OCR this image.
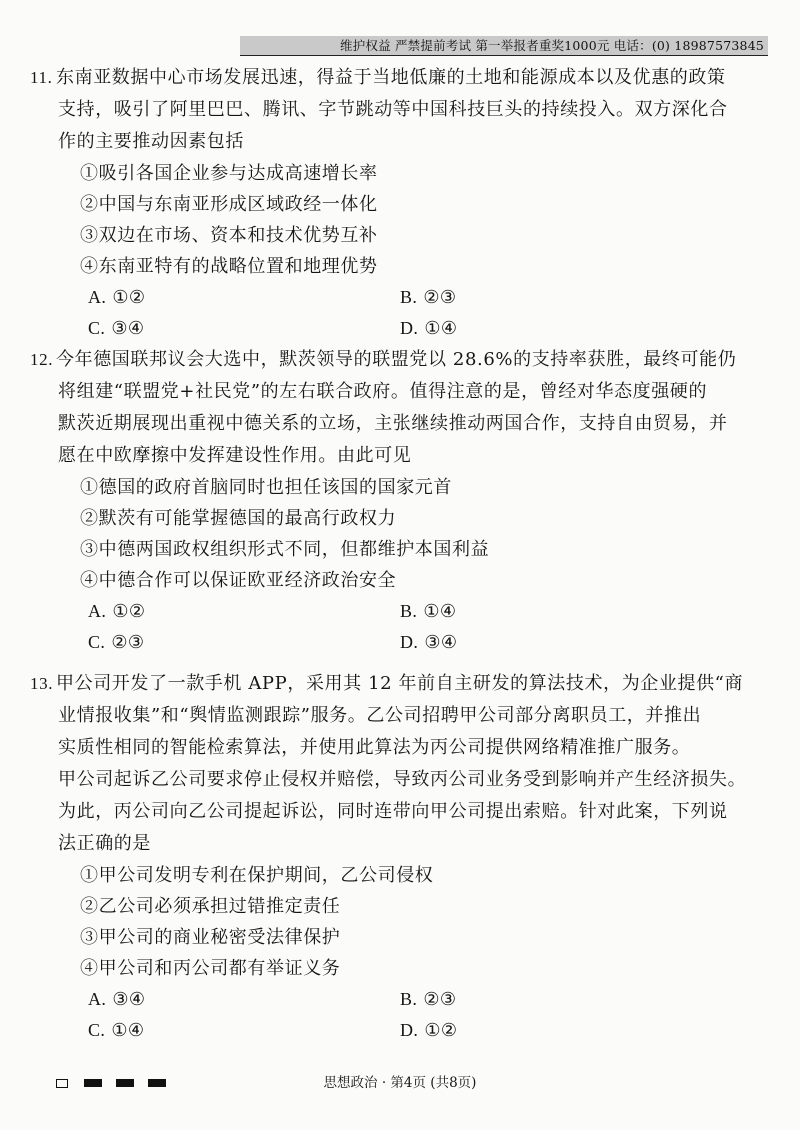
维护权益 严禁提前考试 第一举报者重奖1000元 电话：(0) 18987573845
11. 东南亚数据中心市场发展迅速，得益于当地低廉的土地和能源成本以及优惠的政策
支持，吸引了阿里巴巴、腾讯、字节跳动等中国科技巨头的持续投入。双方深化合
作的主要推动因素包括
①吸引各国企业参与达成高速增长率
②中国与东南亚形成区域政经一体化
③双边在市场、资本和技术优势互补
④东南亚特有的战略位置和地理优势
A. ①②	B. ②③
C. ③④	D. ①④
12. 今年德国联邦议会大选中，默茨领导的联盟党以 28.6%的支持率获胜，最终可能仍
将组建“联盟党+社民党”的左右联合政府。值得注意的是，曾经对华态度强硬的
默茨近期展现出重视中德关系的立场，主张继续推动两国合作，支持自由贸易，并
愿在中欧摩擦中发挥建设性作用。由此可见
①德国的政府首脑同时也担任该国的国家元首
②默茨有可能掌握德国的最高行政权力
③中德两国政权组织形式不同，但都维护本国利益
④中德合作可以保证欧亚经济政治安全
A. ①②	B. ①④
C. ②③	D. ③④
13. 甲公司开发了一款手机 APP，采用其 12 年前自主研发的算法技术，为企业提供“商
业情报收集”和“舆情监测跟踪”服务。乙公司招聘甲公司部分离职员工，并推出
实质性相同的智能检索算法，并使用此算法为丙公司提供网络精准推广服务。
甲公司起诉乙公司要求停止侵权并赔偿，导致丙公司业务受到影响并产生经济损失。
为此，丙公司向乙公司提起诉讼，同时连带向甲公司提出索赔。针对此案，下列说
法正确的是
①甲公司发明专利在保护期间，乙公司侵权
②乙公司必须承担过错推定责任
③甲公司的商业秘密受法律保护
④甲公司和丙公司都有举证义务
A. ③④	B. ②③
C. ①④	D. ①②
思想政治 · 第4页 (共8页)
